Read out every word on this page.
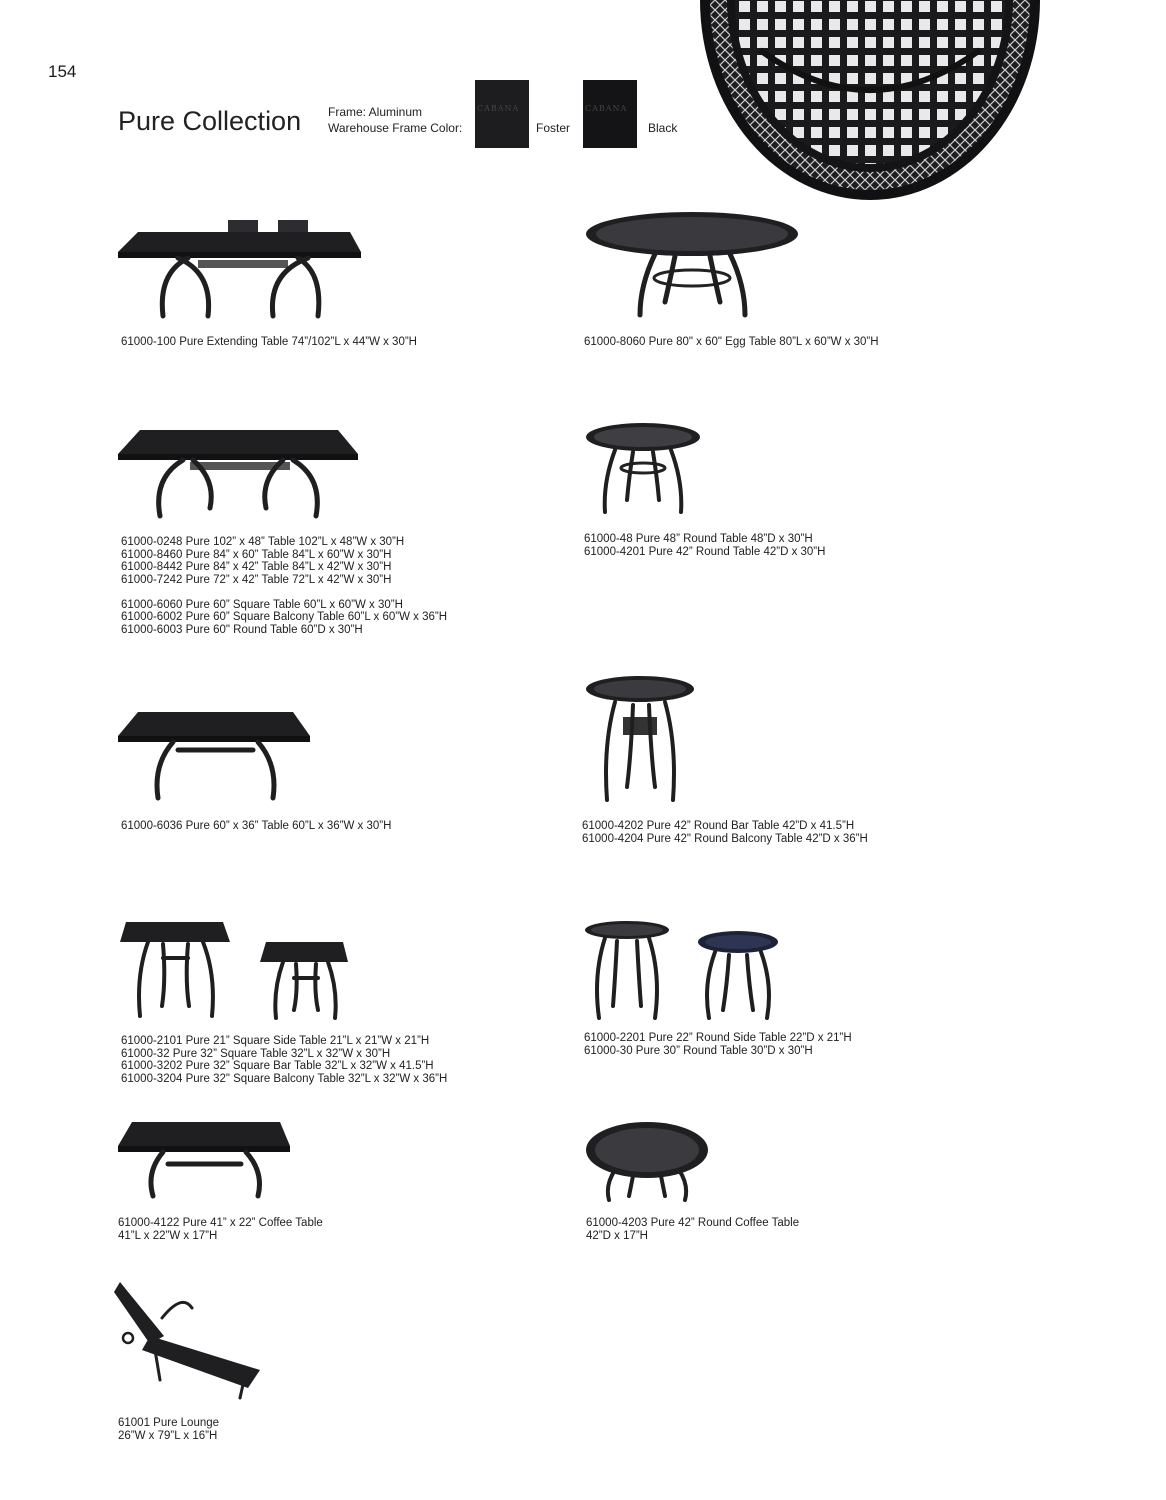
154
Pure Collection Frame: Aluminum
Warehouse Frame Color:
CABANA
Foster
CABANA
Black
61000-100 Pure Extending Table 74”/102”L x 44”W x 30”H	61000-8060 Pure 80" x 60" Egg Table 80”L x 60”W x 30”H
61000-0248 Pure 102” x 48” Table 102”L x 48”W x 30”H
61000-8460 Pure 84” x 60” Table 84”L x 60”W x 30”H
61000-8442 Pure 84” x 42” Table 84”L x 42”W x 30”H
61000-7242 Pure 72” x 42” Table 72”L x 42”W x 30”H
61000-6060 Pure 60” Square Table 60”L x 60”W x 30”H
61000-6002 Pure 60” Square Balcony Table 60”L x 60”W x 36”H
61000-6003 Pure 60" Round Table 60”D x 30”H
61000-48 Pure 48” Round Table 48”D x 30”H
61000-4201 Pure 42” Round Table 42”D x 30”H
61000-6036 Pure 60” x 36” Table 60”L x 36”W x 30”H	61000-4202 Pure 42” Round Bar Table 42”D x 41.5”H
61000-4204 Pure 42" Round Balcony Table 42”D x 36”H
61000-2101 Pure 21” Square Side Table 21”L x 21”W x 21”H
61000-32 Pure 32” Square Table 32”L x 32”W x 30”H
61000-3202 Pure 32” Square Bar Table 32”L x 32”W x 41.5”H
61000-3204 Pure 32" Square Balcony Table 32”L x 32”W x 36”H
61000-2201 Pure 22” Round Side Table 22”D x 21”H
61000-30 Pure 30” Round Table 30”D x 30”H
61000-4122 Pure 41” x 22” Coffee Table
41”L x 22”W x 17”H
61000-4203 Pure 42” Round Coffee Table
42”D x 17”H
61001 Pure Lounge
26”W x 79”L x 16”H
